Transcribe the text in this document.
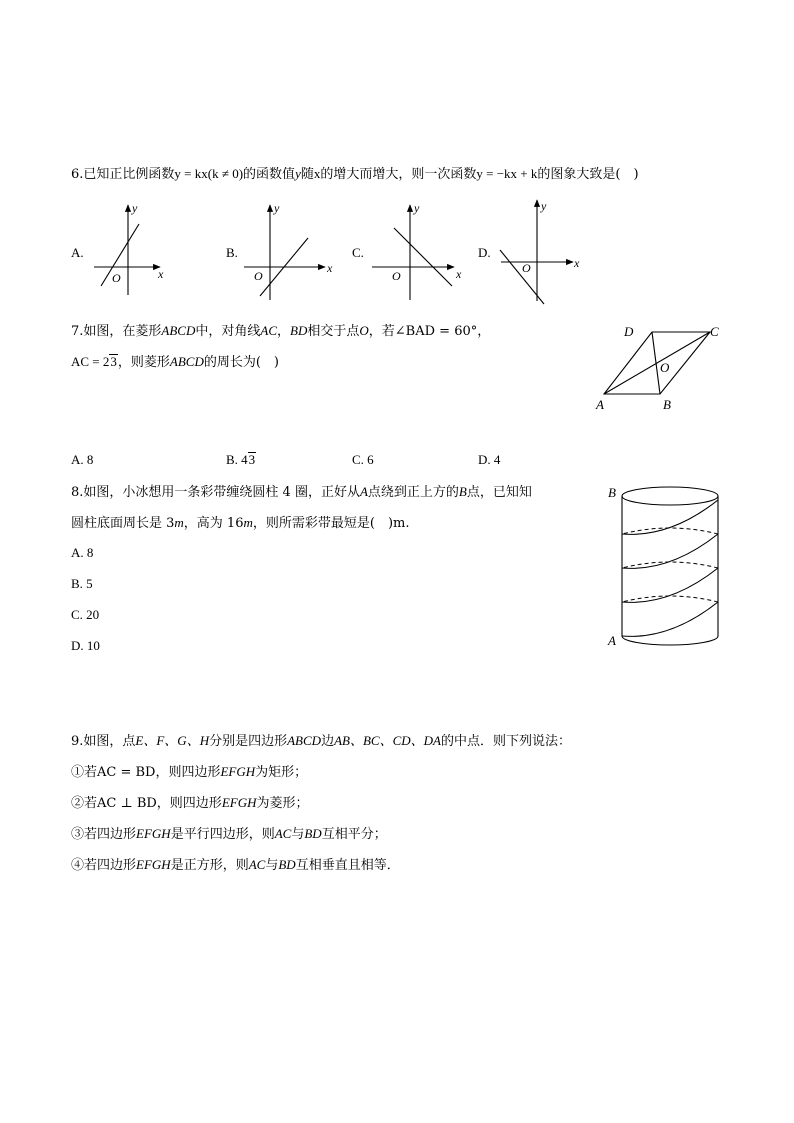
6.已知正比例函数y = kx(k ≠ 0)的函数值y随x的增大而增大，则一次函数y = −kx + k的图象大致是(　)
A.
y
x
O
B.
y
x
O
C.
y
x
O
D.
y
x
O
7.如图，在菱形ABCD中，对角线AC，BD相交于点O，若∠BAD = 60°，
AC = 23，则菱形ABCD的周长为(　)
A	B
C
D
O
A. 8	B. 43	C. 6	D. 4
8.如图，小冰想用一条彩带缠绕圆柱 4 圈，正好从A点绕到正上方的B点，已知知
圆柱底面周长是 3m，高为 16m，则所需彩带最短是(　)m.
A. 8
B. 5
C. 20
D. 10	A
B
9.如图，点E、F、G、H分别是四边形ABCD边AB、BC、CD、DA的中点．则下列说法：
①若AC = BD，则四边形EFGH为矩形；
②若AC ⊥ BD，则四边形EFGH为菱形；
③若四边形EFGH是平行四边形，则AC与BD互相平分；
④若四边形EFGH是正方形，则AC与BD互相垂直且相等．
